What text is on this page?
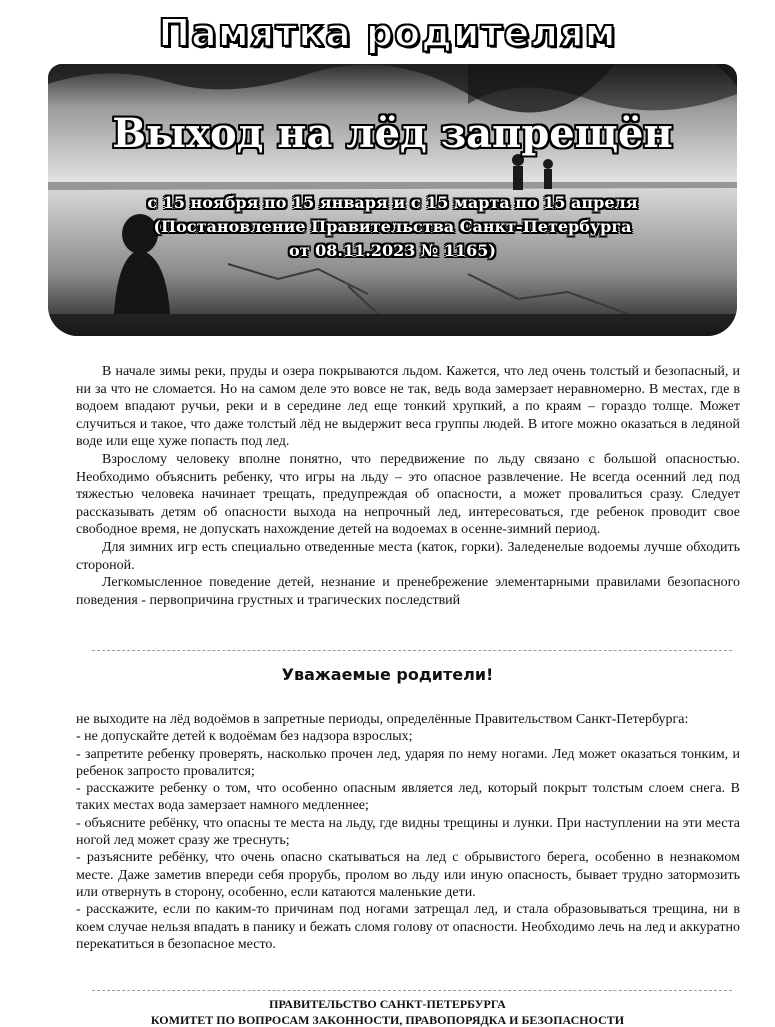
Памятка родителям
Выход на лёд запрещён

с 15 ноября по 15 января и с 15 марта по 15 апреля

(Постановление Правительства Санкт-Петербурга

от 08.11.2023 № 1165)

В начале зимы реки, пруды и озера покрываются льдом. Кажется, что лед очень толстый и безопасный, и ни за что не сломается. Но на самом деле это вовсе не так, ведь вода замерзает неравномерно. В местах, где в водоем впадают ручьи, реки и в середине лед еще тонкий хрупкий, а по краям – гораздо толще. Может случиться и такое, что даже толстый лёд не выдержит веса группы людей. В итоге можно оказаться в ледяной воде или еще хуже попасть под лед.

Взрослому человеку вполне понятно, что передвижение по льду связано с большой опасностью. Необходимо объяснить ребенку, что игры на льду – это опасное развлечение. Не всегда осенний лед под тяжестью человека начинает трещать, предупреждая об опасности, а может провалиться сразу. Следует рассказывать детям об опасности выхода на непрочный лед, интересоваться, где ребенок проводит свое свободное время, не допускать нахождение детей на водоемах в осенне-зимний период.

Для зимних игр есть специально отведенные места (каток, горки). Заледенелые водоемы лучше обходить стороной.

Легкомысленное поведение детей, незнание и пренебрежение элементарными правилами безопасного поведения - первопричина грустных и трагических последствий

Уважаемые родители!

не выходите на лёд водоёмов в запретные периоды, определённые Правительством Санкт-Петербурга:

- не допускайте детей к водоёмам без надзора взрослых;

- запретите ребенку проверять, насколько прочен лед, ударяя по нему ногами. Лед может оказаться тонким, и ребенок запросто провалится;

- расскажите ребенку о том, что особенно опасным является лед, который покрыт толстым слоем снега. В таких местах вода замерзает намного медленнее;

- объясните ребёнку, что опасны те места на льду, где видны трещины и лунки. При наступлении на эти места ногой лед может сразу же треснуть;

- разъясните ребёнку, что очень опасно скатываться на лед с обрывистого берега, особенно в незнакомом месте. Даже заметив впереди себя прорубь, пролом во льду или иную опасность, бывает трудно затормозить или отвернуть в сторону, особенно, если катаются маленькие дети.

- расскажите, если по каким-то причинам под ногами затрещал лед, и стала образовываться трещина, ни в коем случае нельзя впадать в панику и бежать сломя голову от опасности. Необходимо лечь на лед и аккуратно перекатиться в безопасное место.

ПРАВИТЕЛЬСТВО САНКТ-ПЕТЕРБУРГА

КОМИТЕТ ПО ВОПРОСАМ ЗАКОННОСТИ, ПРАВОПОРЯДКА И БЕЗОПАСНОСТИ
